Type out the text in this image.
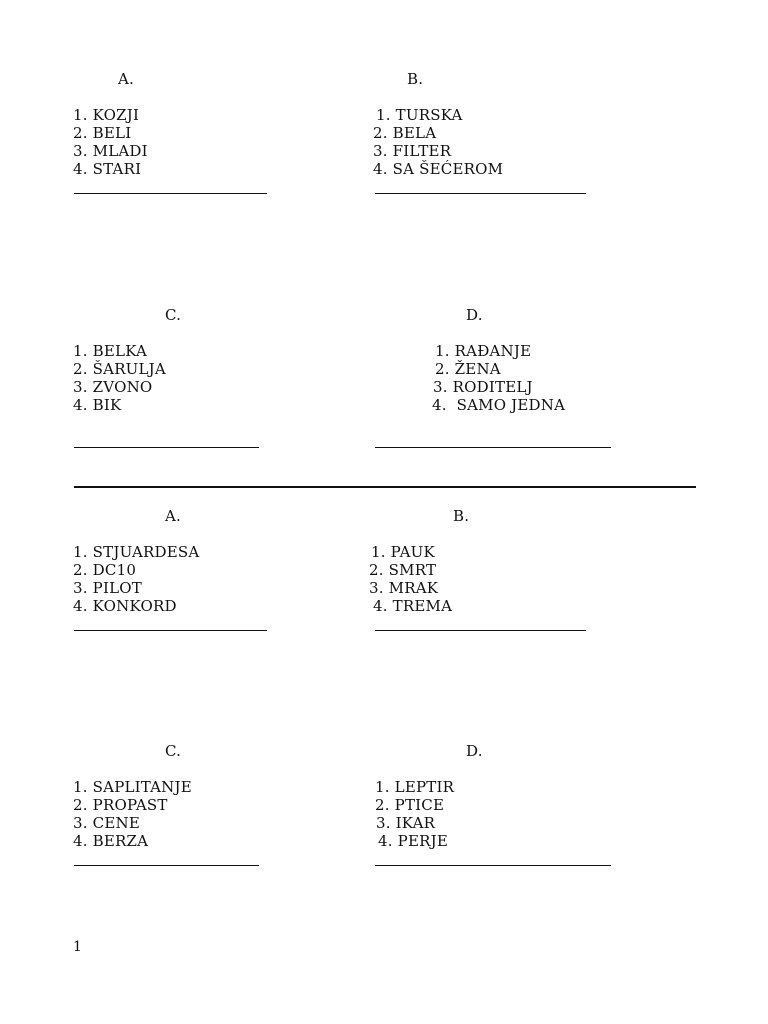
A.
1. KOZJI
2. BELI
3. MLADI
4. STARI
B.
1. TURSKA
2. BELA
3. FILTER
4. SA ŠEĆEROM
C.
1. BELKA
2. ŠARULJA
3. ZVONO
4. BIK
D.
1. RAĐANJE
2. ŽENA
3. RODITELJ
4.  SAMO JEDNA
A.
1. STJUARDESA
2. DC10
3. PILOT
4. KONKORD
B.
1. PAUK
2. SMRT
3. MRAK
4. TREMA
C.
1. SAPLITANJE
2. PROPAST
3. CENE
4. BERZA
D.
1. LEPTIR
2. PTICE
3. IKAR
4. PERJE
1
